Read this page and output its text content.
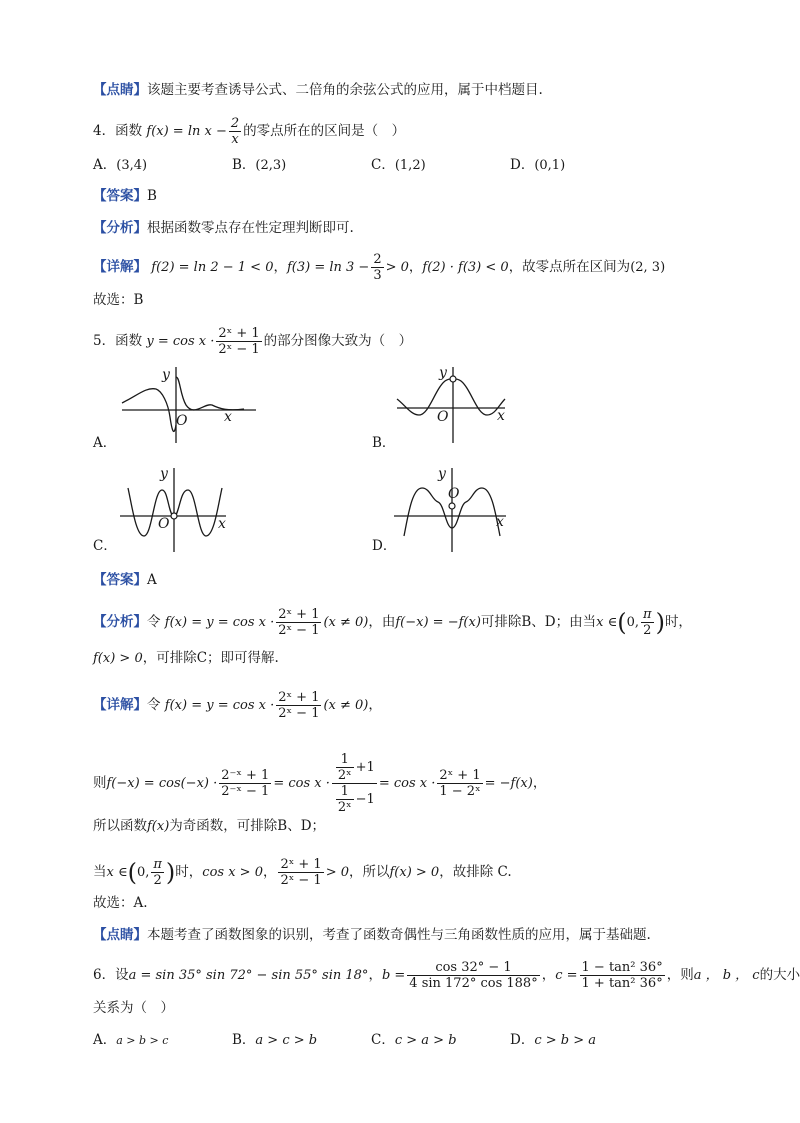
【点睛】该题主要考查诱导公式、二倍角的余弦公式的应用，属于中档题目.
4．函数 $f(x) = \ln x - \frac{2}{x}$ 的零点所在的区间是（　）
A．(3,4)	B．(2,3)	C．(1,2)	D．(0,1)
【答案】B
【分析】根据函数零点存在性定理判断即可.
【详解】 f(2) = ln 2 − 1 < 0，$f(3) = \ln 3 - \frac{2}{3} > 0$，f(2) · f(3) < 0，故零点所在区间为(2, 3)
故选：B
5．函数 $y = \cos x \cdot \frac{\text{2ˣ + 1}}{\text{2ˣ − 1}}$ 的部分图像大致为（　）
x
y
O
A．
x
y
O
B．
x
y
O
C．
x
y
O
D．
【答案】A
【分析】令 $f(x) = y = \cos x \cdot \frac{\text{2ˣ + 1}}{\text{2ˣ − 1}} (x \ne 0)$，由f(−x) = −f(x)可排除B、D；由当x ∈(0, $\frac{\pi}{2}$ )时，
f(x) > 0，可排除C；即可得解.
【详解】令 $f(x) = y = \cos x \cdot \frac{\text{2ˣ + 1}}{\text{2ˣ − 1}} (x \ne 0)$，
则$f(-x) = \cos(-x) \cdot \frac{\text{2⁻ˣ + 1}}{\text{2⁻ˣ − 1}} = \cos x \cdot \frac{\frac{1}{\text{2ˣ}} +1}{\frac{1}{\text{2ˣ}} -1} = \cos x \cdot \frac{\text{2ˣ + 1}}{\text{1 − 2ˣ}} = -f(x)$，
所以函数f(x)为奇函数，可排除B、D；
当x ∈(0, $\frac{\pi}{2}$ )时，cos x > 0， $\frac{\text{2ˣ + 1}}{\text{2ˣ − 1}} > 0$，所以f(x) > 0，故排除 C.
故选：A.
【点睛】本题考查了函数图象的识别，考查了函数奇偶性与三角函数性质的应用，属于基础题.
6．设a = sin 35° sin 72° − sin 55° sin 18°，$b = \frac{\cos 32^\circ - 1}{4 \sin 172^\circ \cos 188^\circ}$ ，$c = \frac{\text{1 − tan² 36°}}{\text{1 + tan² 36°}}$ ，则a ， b ， c的大小
关系为（　）
A．a > b > c	B．a > c > b	C．c > a > b	D．c > b > a
